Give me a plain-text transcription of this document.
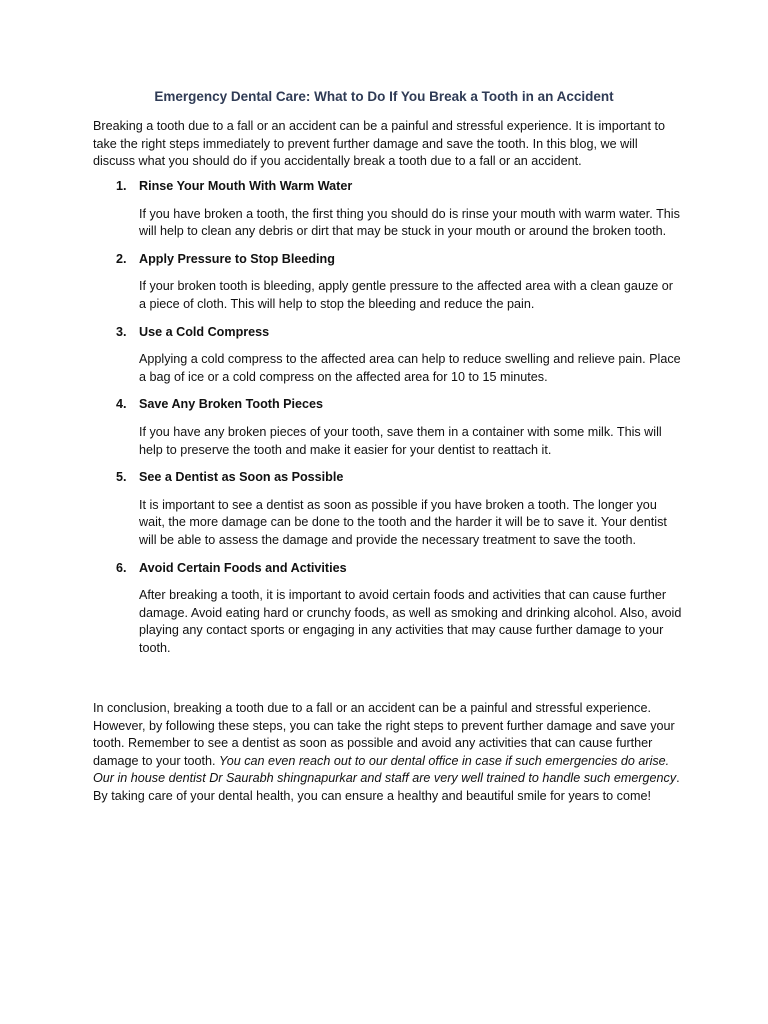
Emergency Dental Care: What to Do If You Break a Tooth in an Accident

Breaking a tooth due to a fall or an accident can be a painful and stressful experience. It is important to take the right steps immediately to prevent further damage and save the tooth. In this blog, we will discuss what you should do if you accidentally break a tooth due to a fall or an accident.

1. Rinse Your Mouth With Warm Water
If you have broken a tooth, the first thing you should do is rinse your mouth with warm water. This will help to clean any debris or dirt that may be stuck in your mouth or around the broken tooth.
2. Apply Pressure to Stop Bleeding
If your broken tooth is bleeding, apply gentle pressure to the affected area with a clean gauze or a piece of cloth. This will help to stop the bleeding and reduce the pain.
3. Use a Cold Compress
Applying a cold compress to the affected area can help to reduce swelling and relieve pain. Place a bag of ice or a cold compress on the affected area for 10 to 15 minutes.
4. Save Any Broken Tooth Pieces
If you have any broken pieces of your tooth, save them in a container with some milk. This will help to preserve the tooth and make it easier for your dentist to reattach it.
5. See a Dentist as Soon as Possible
It is important to see a dentist as soon as possible if you have broken a tooth. The longer you wait, the more damage can be done to the tooth and the harder it will be to save it. Your dentist will be able to assess the damage and provide the necessary treatment to save the tooth.
6. Avoid Certain Foods and Activities
After breaking a tooth, it is important to avoid certain foods and activities that can cause further damage. Avoid eating hard or crunchy foods, as well as smoking and drinking alcohol. Also, avoid playing any contact sports or engaging in any activities that may cause further damage to your tooth.

In conclusion, breaking a tooth due to a fall or an accident can be a painful and stressful experience. However, by following these steps, you can take the right steps to prevent further damage and save your tooth. Remember to see a dentist as soon as possible and avoid any activities that can cause further damage to your tooth. You can even reach out to our dental office in case if such emergencies do arise. Our in house dentist Dr Saurabh shingnapurkar and staff are very well trained to handle such emergency. By taking care of your dental health, you can ensure a healthy and beautiful smile for years to come!
